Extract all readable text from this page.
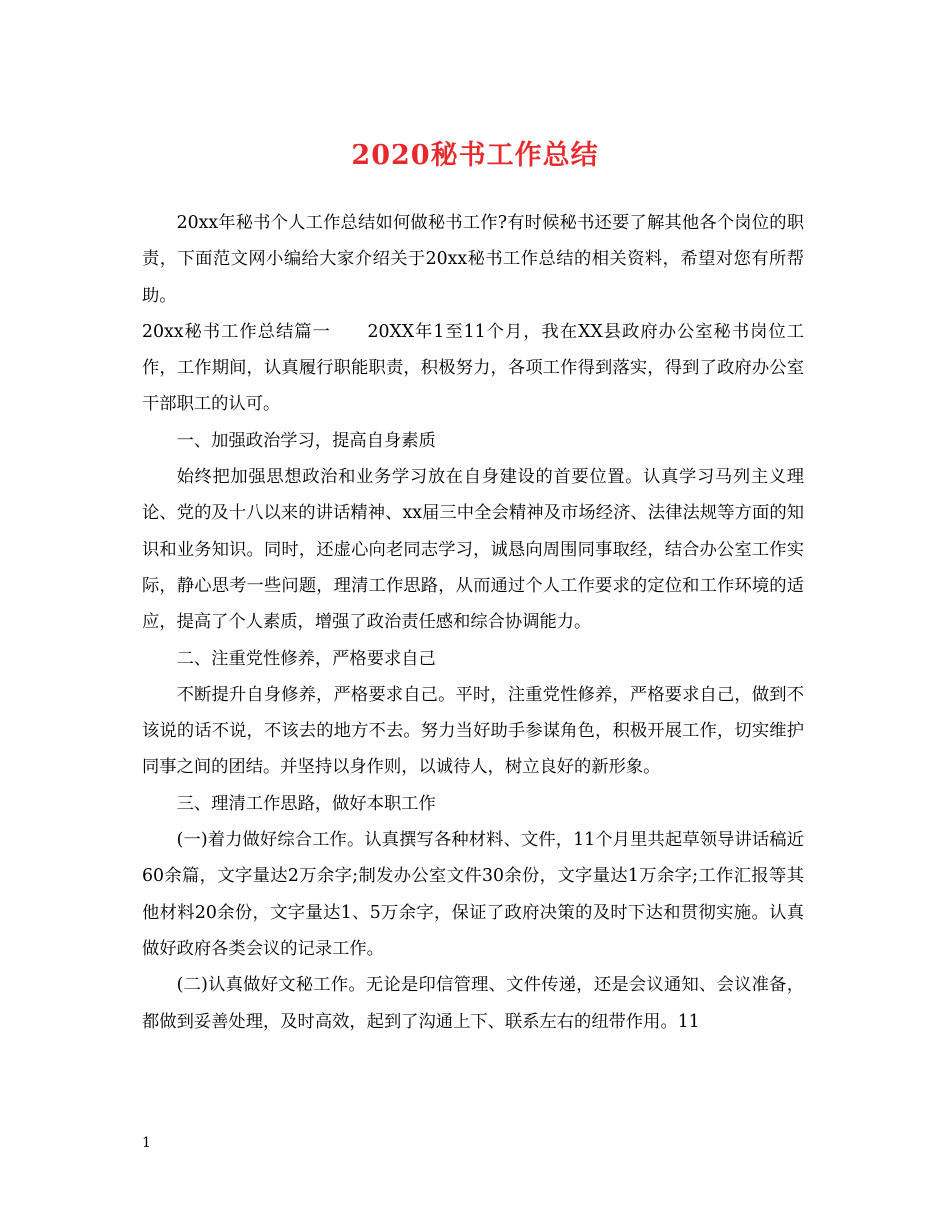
2020秘书工作总结

20xx年秘书个人工作总结如何做秘书工作?有时候秘书还要了解其他各个岗位的职责，下面范文网小编给大家介绍关于20xx秘书工作总结的相关资料，希望对您有所帮助。

20xx秘书工作总结篇一　　20XX年1至11个月，我在XX县政府办公室秘书岗位工作，工作期间，认真履行职能职责，积极努力，各项工作得到落实，得到了政府办公室干部职工的认可。

一、加强政治学习，提高自身素质

始终把加强思想政治和业务学习放在自身建设的首要位置。认真学习马列主义理论、党的及十八以来的讲话精神、xx届三中全会精神及市场经济、法律法规等方面的知识和业务知识。同时，还虚心向老同志学习，诚恳向周围同事取经，结合办公室工作实际，静心思考一些问题，理清工作思路，从而通过个人工作要求的定位和工作环境的适应，提高了个人素质，增强了政治责任感和综合协调能力。

二、注重党性修养，严格要求自己

不断提升自身修养，严格要求自己。平时，注重党性修养，严格要求自己，做到不该说的话不说，不该去的地方不去。努力当好助手参谋角色，积极开展工作，切实维护同事之间的团结。并坚持以身作则，以诚待人，树立良好的新形象。

三、理清工作思路，做好本职工作

(一)着力做好综合工作。认真撰写各种材料、文件，11个月里共起草领导讲话稿近60余篇，文字量达2万余字;制发办公室文件30余份，文字量达1万余字;工作汇报等其他材料20余份，文字量达1、5万余字，保证了政府决策的及时下达和贯彻实施。认真做好政府各类会议的记录工作。

(二)认真做好文秘工作。无论是印信管理、文件传递，还是会议通知、会议准备，都做到妥善处理，及时高效，起到了沟通上下、联系左右的纽带作用。11

1
